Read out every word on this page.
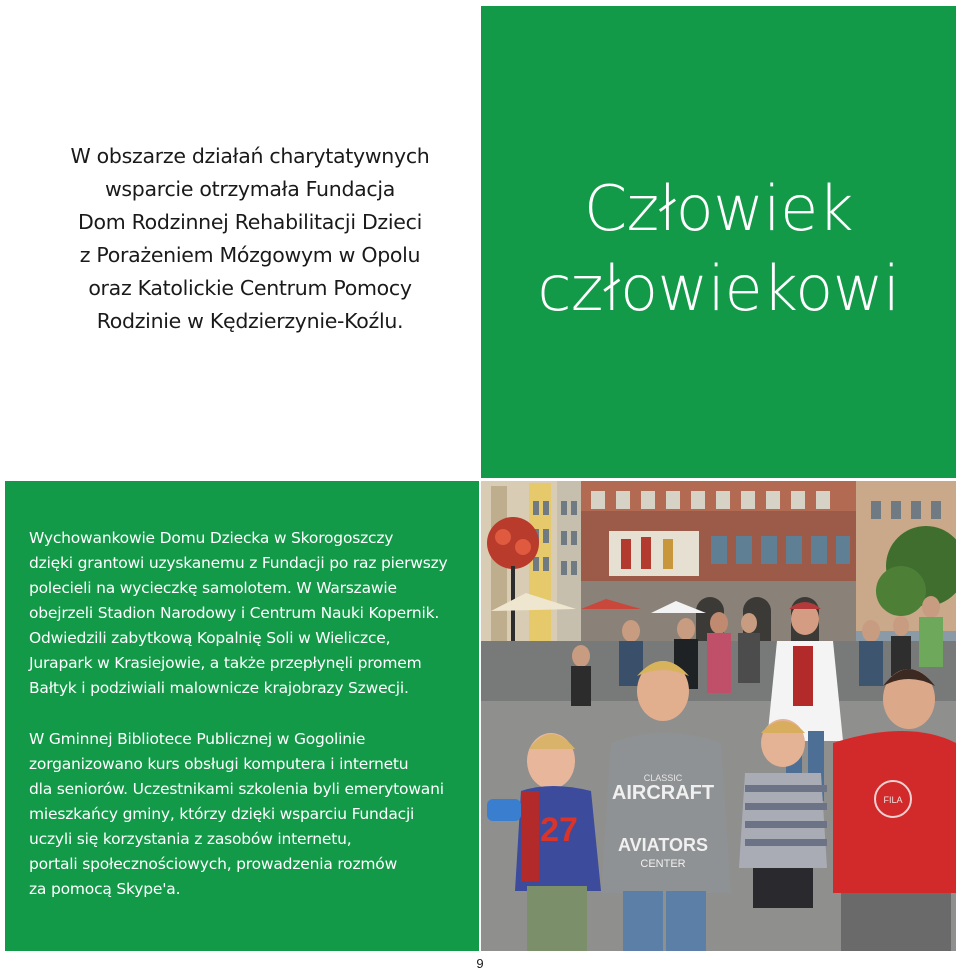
Człowiek
człowiekowi
W obszarze działań charytatywnych
wsparcie otrzymała Fundacja
Dom Rodzinnej Rehabilitacji Dzieci
z Porażeniem Mózgowym w Opolu
oraz Katolickie Centrum Pomocy
Rodzinie w Kędzierzynie-Koźlu.
Wychowankowie Domu Dziecka w Skorogoszczy
dzięki grantowi uzyskanemu z Fundacji po raz pierwszy
polecieli na wycieczkę samolotem. W Warszawie
obejrzeli Stadion Narodowy i Centrum Nauki Kopernik.
Odwiedzili zabytkową Kopalnię Soli w Wieliczce,
Jurapark w Krasiejowie, a także przepłynęli promem
Bałtyk i podziwiali malownicze krajobrazy Szwecji.
W Gminnej Bibliotece Publicznej w Gogolinie
zorganizowano kurs obsługi komputera i internetu
dla seniorów. Uczestnikami szkolenia byli emerytowani
mieszkańcy gminy, którzy dzięki wsparciu Fundacji
uczyli się korzystania z zasobów internetu,
portali społecznościowych, prowadzenia rozmów
za pomocą Skype'a.
CLASSIC
AIRCRAFT
AVIATORS
CENTER
27
FILA
9
